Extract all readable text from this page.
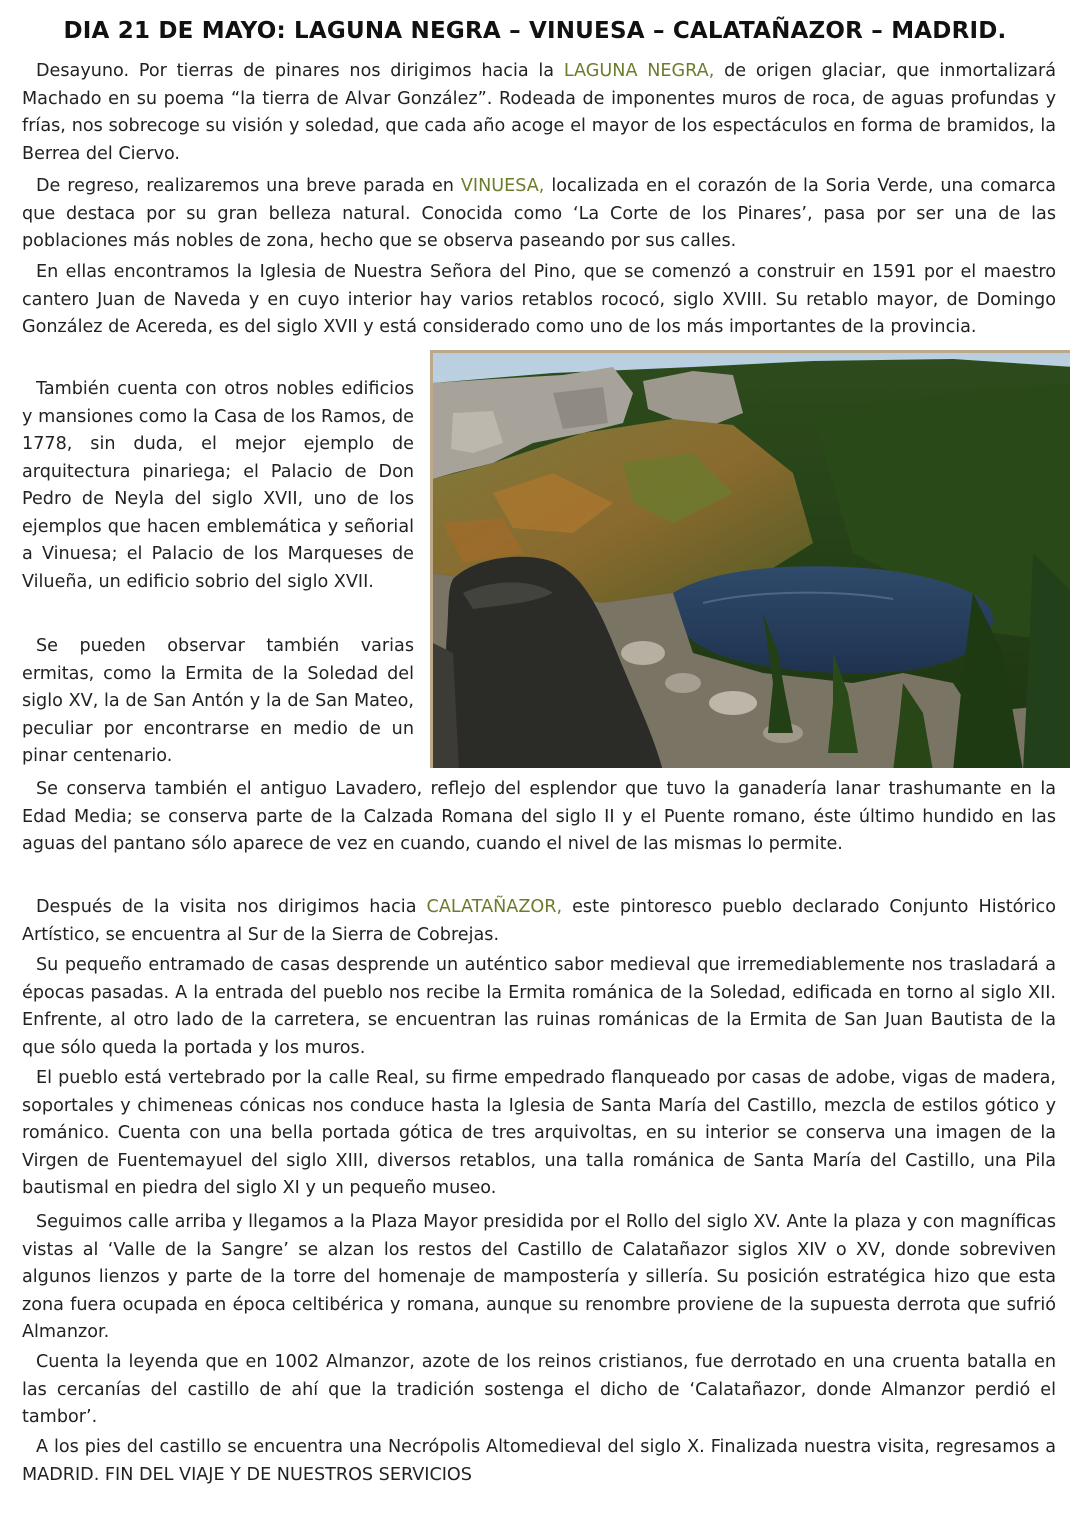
DIA 21 DE MAYO: LAGUNA NEGRA – VINUESA – CALATAÑAZOR – MADRID.

Desayuno. Por tierras de pinares nos dirigimos hacia la LAGUNA NEGRA, de origen glaciar, que inmortalizará Machado en su poema “la tierra de Alvar González”. Rodeada de imponentes muros de roca, de aguas profundas y frías, nos sobrecoge su visión y soledad, que cada año acoge el mayor de los espectáculos en forma de bramidos, la Berrea del Ciervo.

De regreso, realizaremos una breve parada en VINUESA, localizada en el corazón de la Soria Verde, una comarca que destaca por su gran belleza natural. Conocida como ‘La Corte de los Pinares’, pasa por ser una de las poblaciones más nobles de zona, hecho que se observa paseando por sus calles.

En ellas encontramos la Iglesia de Nuestra Señora del Pino, que se comenzó a construir en 1591 por el maestro cantero Juan de Naveda y en cuyo interior hay varios retablos rococó, siglo XVIII. Su retablo mayor, de Domingo González de Acereda, es del siglo XVII y está considerado como uno de los más importantes de la provincia.

También cuenta con otros nobles edificios y mansiones como la Casa de los Ramos, de 1778, sin duda, el mejor ejemplo de arquitectura pinariega; el Palacio de Don Pedro de Neyla del siglo XVII, uno de los ejemplos que hacen emblemática y señorial a Vinuesa; el Palacio de los Marqueses de Vilueña, un edificio sobrio del siglo XVII.

Se pueden observar también varias ermitas, como la Ermita de la Soledad del siglo XV, la de San Antón y la de San Mateo, peculiar por encontrarse en medio de un pinar centenario.

Se conserva también el antiguo Lavadero, reflejo del esplendor que tuvo la ganadería lanar trashumante en la Edad Media; se conserva parte de la Calzada Romana del siglo II y el Puente romano, éste último hundido en las aguas del pantano sólo aparece de vez en cuando, cuando el nivel de las mismas lo permite.

Después de la visita nos dirigimos hacia CALATAÑAZOR, este pintoresco pueblo declarado Conjunto Histórico Artístico, se encuentra al Sur de la Sierra de Cobrejas.

Su pequeño entramado de casas desprende un auténtico sabor medieval que irremediablemente nos trasladará a épocas pasadas. A la entrada del pueblo nos recibe la Ermita románica de la Soledad, edificada en torno al siglo XII. Enfrente, al otro lado de la carretera, se encuentran las ruinas románicas de la Ermita de San Juan Bautista de la que sólo queda la portada y los muros.

El pueblo está vertebrado por la calle Real, su firme empedrado flanqueado por casas de adobe, vigas de madera, soportales y chimeneas cónicas nos conduce hasta la Iglesia de Santa María del Castillo, mezcla de estilos gótico y románico. Cuenta con una bella portada gótica de tres arquivoltas, en su interior se conserva una imagen de la Virgen de Fuentemayuel del siglo XIII, diversos retablos, una talla románica de Santa María del Castillo, una Pila bautismal en piedra del siglo XI y un pequeño museo.

Seguimos calle arriba y llegamos a la Plaza Mayor presidida por el Rollo del siglo XV. Ante la plaza y con magníficas vistas al ‘Valle de la Sangre’ se alzan los restos del Castillo de Calatañazor siglos XIV o XV, donde sobreviven algunos lienzos y parte de la torre del homenaje de mampostería y sillería. Su posición estratégica hizo que esta zona fuera ocupada en época celtibérica y romana, aunque su renombre proviene de la supuesta derrota que sufrió Almanzor.

Cuenta la leyenda que en 1002 Almanzor, azote de los reinos cristianos, fue derrotado en una cruenta batalla en las cercanías del castillo de ahí que la tradición sostenga el dicho de ‘Calatañazor, donde Almanzor perdió el tambor’.

A los pies del castillo se encuentra una Necrópolis Altomedieval del siglo X. Finalizada nuestra visita, regresamos a MADRID. FIN DEL VIAJE Y DE NUESTROS SERVICIOS
